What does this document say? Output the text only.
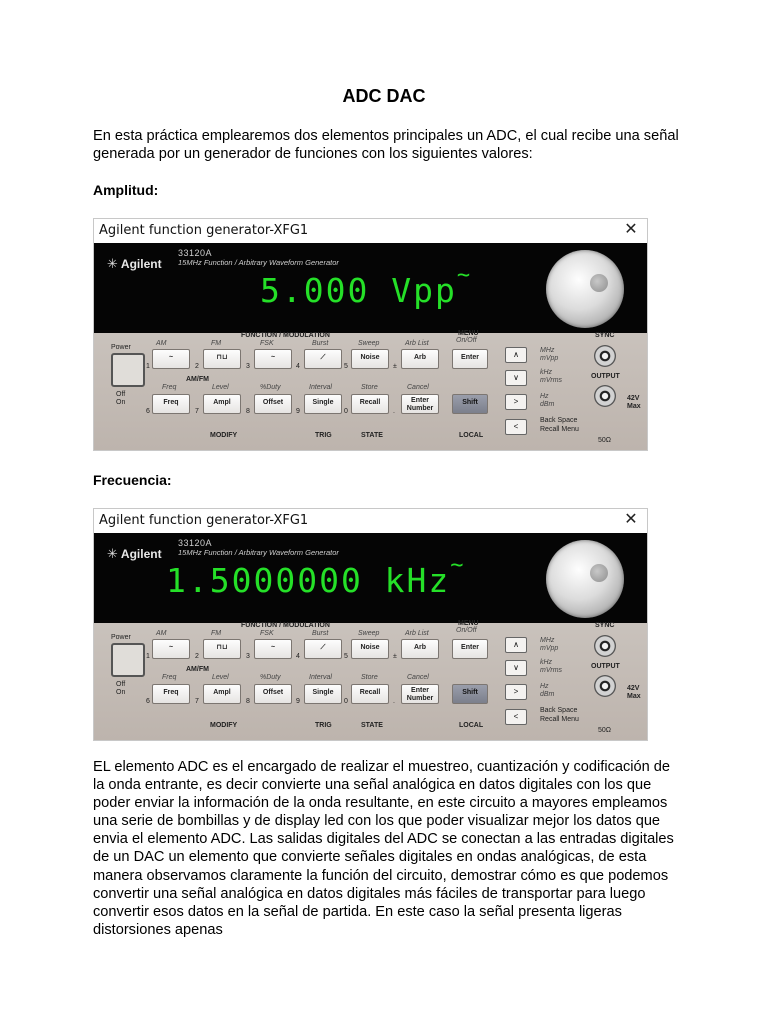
ADC DAC

En esta práctica emplearemos dos elementos principales un ADC, el cual recibe una señal generada por un generador de funciones con los siguientes valores:

Amplitud:

Agilent function generator-XFG1	✕
✳ Agilent
33120A
15MHz Function / Arbitrary Waveform Generator
5.000 Vpp~
FUNCTION / MODULATION	MENU
On/Off
SYNC
Power
Off
On
AM	FM	FSK	Burst	Sweep	Arb List
~	⊓⊔	~	⟋	Noise	Arb
1	2	3	4	5	±
AM/FM
Freq	Level	%Duty	Interval	Store	Cancel
Freq	Ampl	Offset	Single	Recall	Enter Number
6	7	8	9	0	.
MODIFY	TRIG	STATE	LOCAL
Enter
Shift
∧
∨
>
<
MHz
mVpp
kHz
mVrms
Hz
dBm
Back Space
Recall Menu
OUTPUT
42V Max
50Ω

Frecuencia:

Agilent function generator-XFG1	✕
✳ Agilent
33120A
15MHz Function / Arbitrary Waveform Generator
1.5000000 kHz~
FUNCTION / MODULATION	MENU
On/Off
SYNC
Power
Off
On
AM	FM	FSK	Burst	Sweep	Arb List
~	⊓⊔	~	⟋	Noise	Arb
1	2	3	4	5	±
AM/FM
Freq	Level	%Duty	Interval	Store	Cancel
Freq	Ampl	Offset	Single	Recall	Enter Number
6	7	8	9	0	.
MODIFY	TRIG	STATE	LOCAL
Enter
Shift
∧
∨
>
<
MHz
mVpp
kHz
mVrms
Hz
dBm
Back Space
Recall Menu
OUTPUT
42V Max
50Ω

EL elemento ADC es el encargado de realizar el muestreo, cuantización y codificación de la onda entrante, es decir convierte una señal analógica en datos digitales con los que poder enviar la información de la onda resultante, en este circuito a mayores empleamos una serie de bombillas y de display led con los que poder visualizar mejor los datos que envia el elemento ADC. Las salidas digitales del ADC se conectan a las entradas digitales de un DAC un elemento que convierte señales digitales en ondas analógicas, de esta manera observamos claramente la función del circuito, demostrar cómo es que podemos convertir una señal analógica en datos digitales más fáciles de transportar para luego convertir esos datos en la señal de partida. En este caso la señal presenta ligeras distorsiones apenas
